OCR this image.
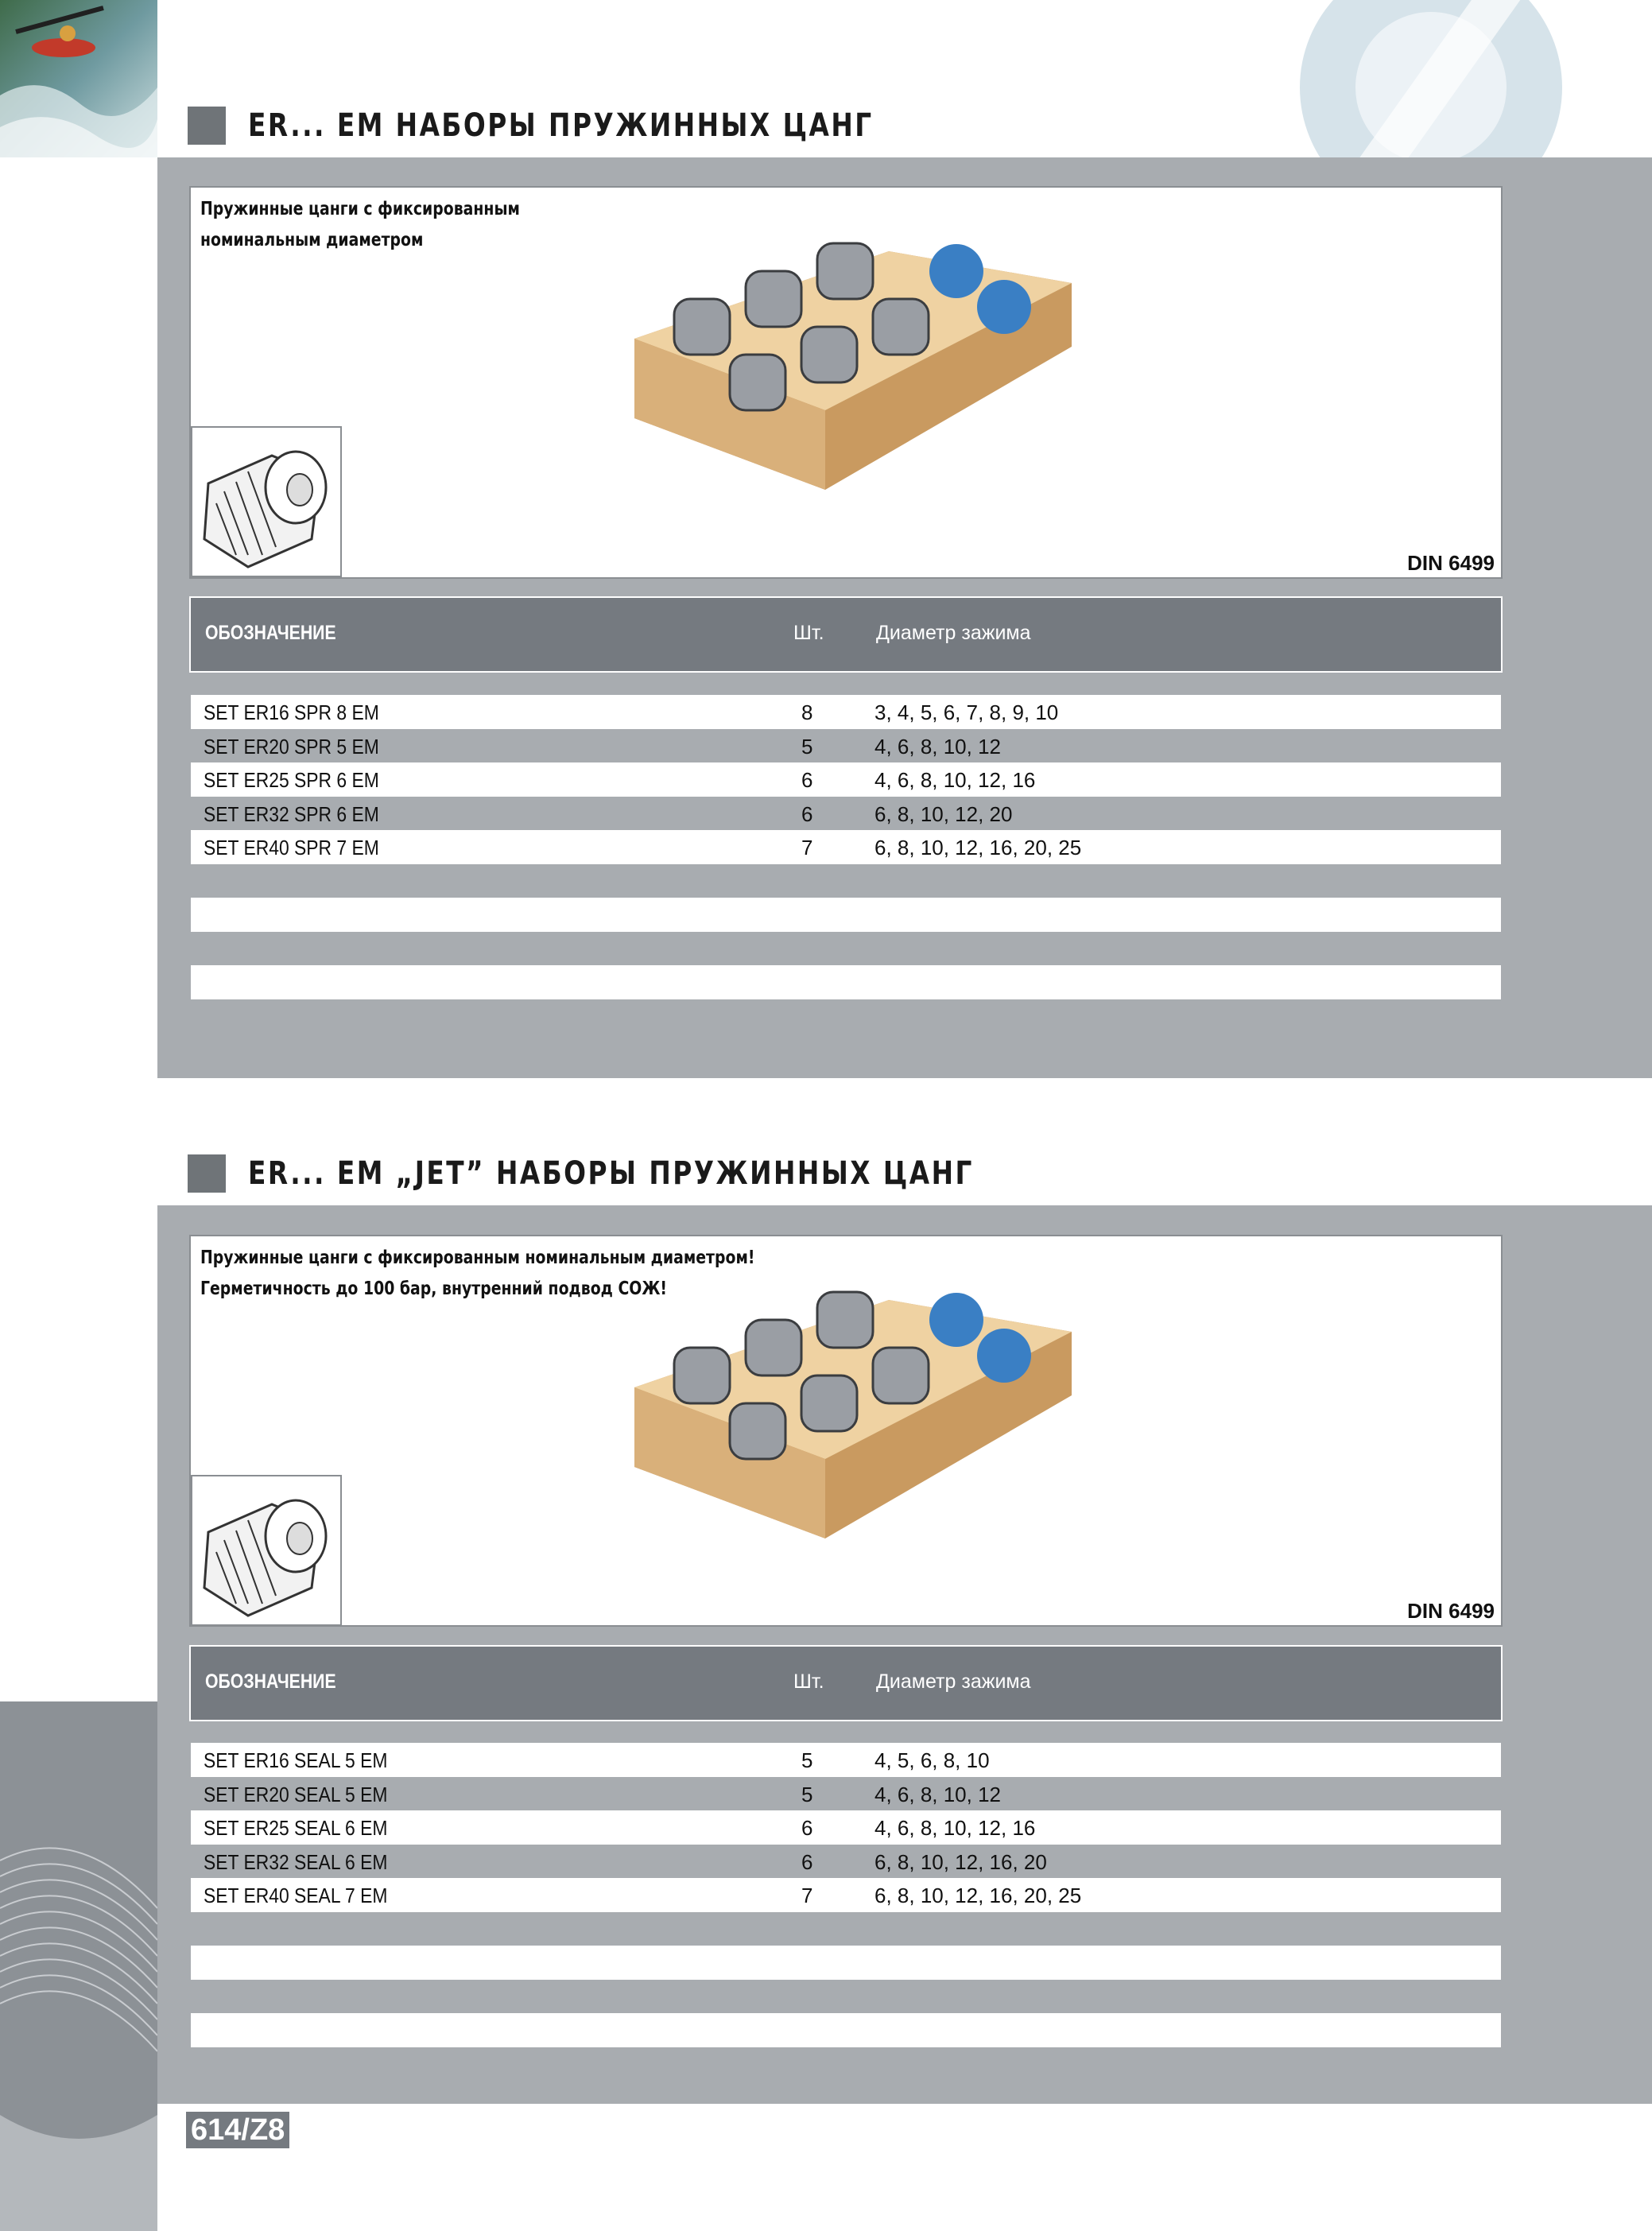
ER... EM НАБОРЫ ПРУЖИННЫХ ЦАНГ
Пружинные цанги с фиксированным
номинальным диаметром
DIN 6499
ОБОЗНАЧЕНИЕ	Шт.	Диаметр зажима
SET ER16 SPR 8 EM	8	3, 4, 5, 6, 7, 8, 9, 10
SET ER20 SPR 5 EM	5	4, 6, 8, 10, 12
SET ER25 SPR 6 EM	6	4, 6, 8, 10, 12, 16
SET ER32 SPR 6 EM	6	6, 8, 10, 12, 20
SET ER40 SPR 7 EM	7	6, 8, 10, 12, 16, 20, 25
ER... EM „JET” НАБОРЫ ПРУЖИННЫХ ЦАНГ
Пружинные цанги с фиксированным номинальным диаметром!
Герметичность до 100 бар, внутренний подвод СОЖ!
DIN 6499
ОБОЗНАЧЕНИЕ	Шт.	Диаметр зажима
SET ER16 SEAL 5 EM	5	4, 5, 6, 8, 10
SET ER20 SEAL 5 EM	5	4, 6, 8, 10, 12
SET ER25 SEAL 6 EM	6	4, 6, 8, 10, 12, 16
SET ER32 SEAL 6 EM	6	6, 8, 10, 12, 16, 20
SET ER40 SEAL 7 EM	7	6, 8, 10, 12, 16, 20, 25
614/Z8
